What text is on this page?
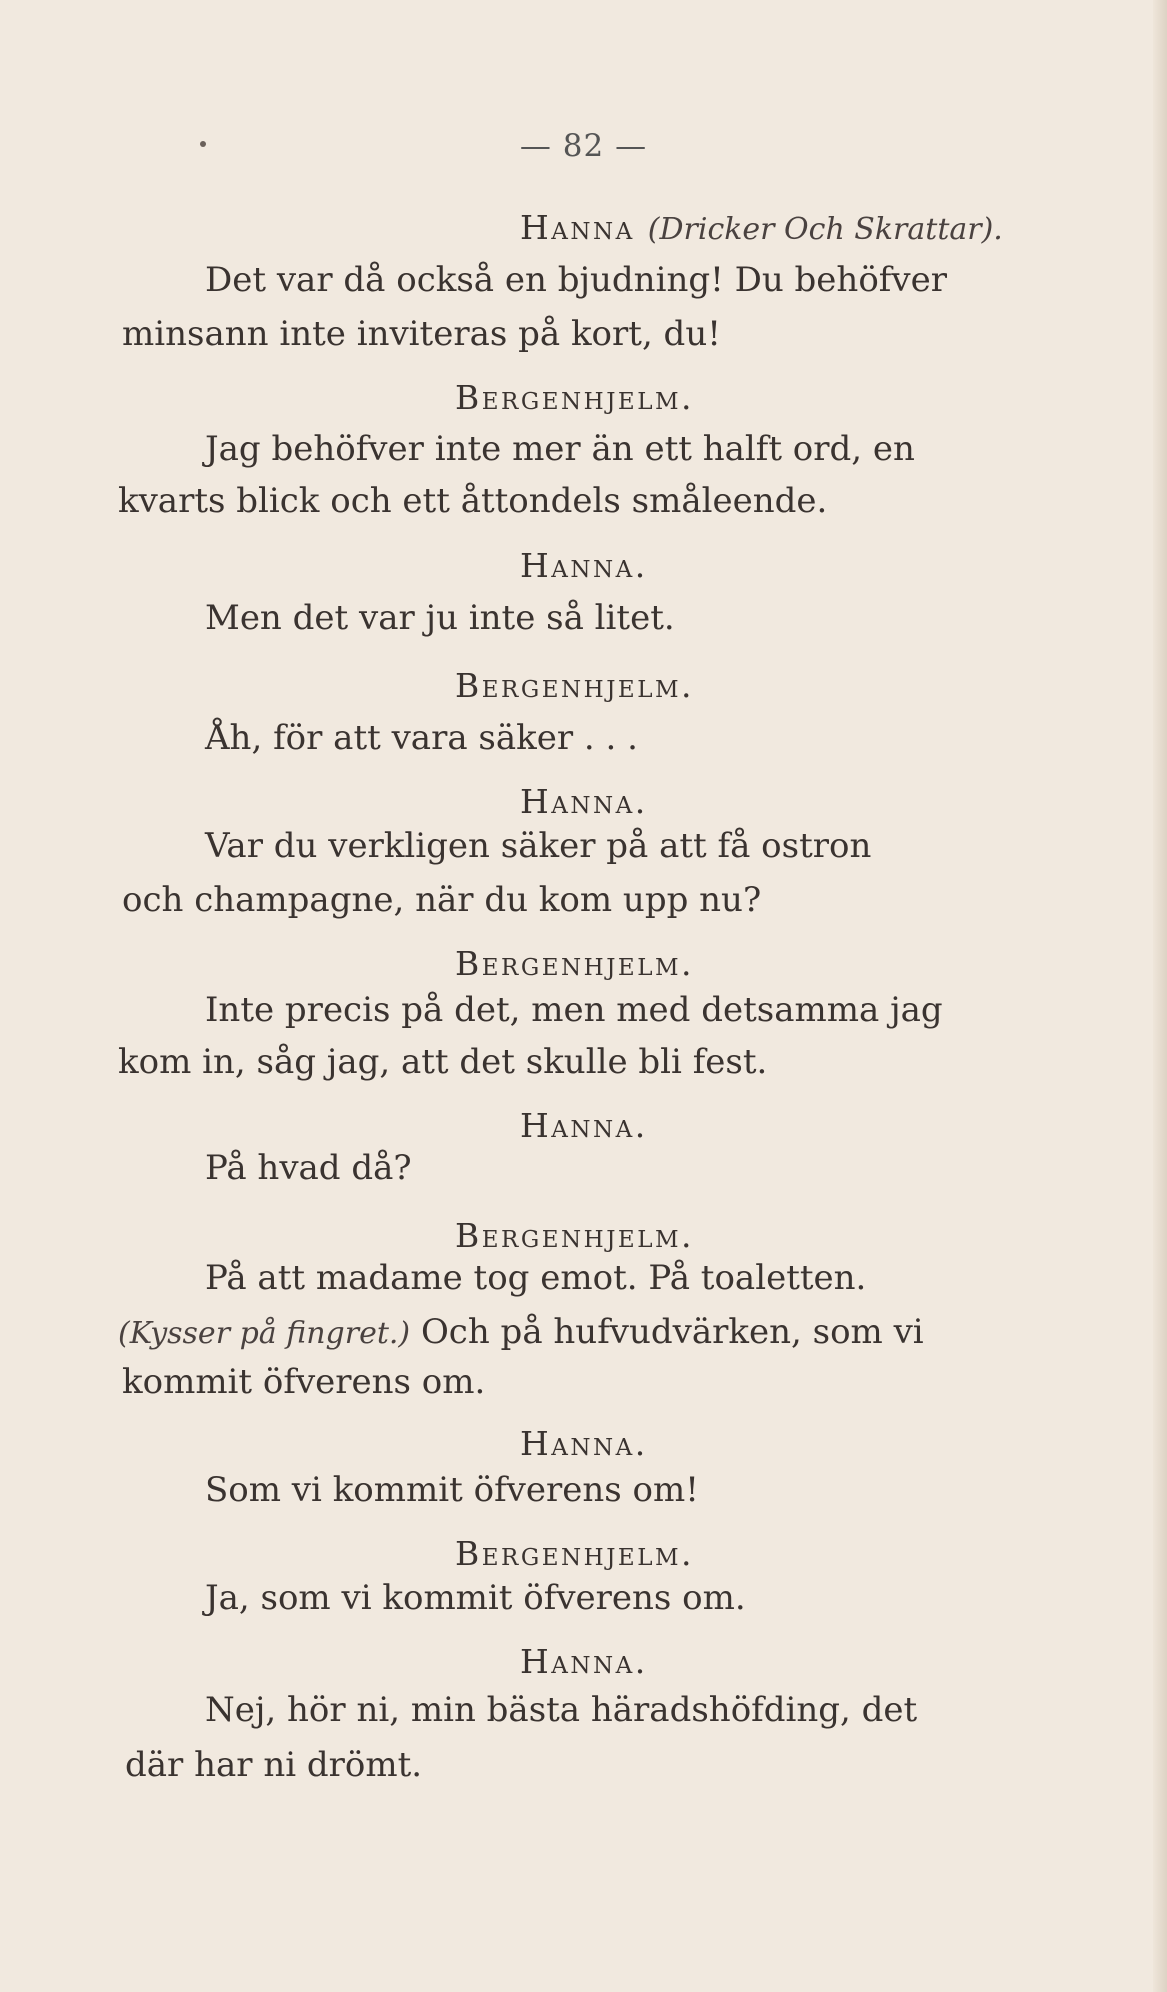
— 82 —
Hanna (Dricker Och Skrattar).
Det var då också en bjudning! Du behöfver
minsann inte inviteras på kort, du!
Bergenhjelm.
Jag behöfver inte mer än ett halft ord, en
kvarts blick och ett åttondels småleende.
Hanna.
Men det var ju inte så litet.
Bergenhjelm.
Åh, för att vara säker . . .
Hanna.
Var du verkligen säker på att få ostron
och champagne, när du kom upp nu?
Bergenhjelm.
Inte precis på det, men med detsamma jag
kom in, såg jag, att det skulle bli fest.
Hanna.
På hvad då?
Bergenhjelm.
På att madame tog emot. På toaletten.
(Kysser på fingret.) Och på hufvudvärken, som vi
kommit öfverens om.
Hanna.
Som vi kommit öfverens om!
Bergenhjelm.
Ja, som vi kommit öfverens om.
Hanna.
Nej, hör ni, min bästa häradshöfding, det
där har ni drömt.
